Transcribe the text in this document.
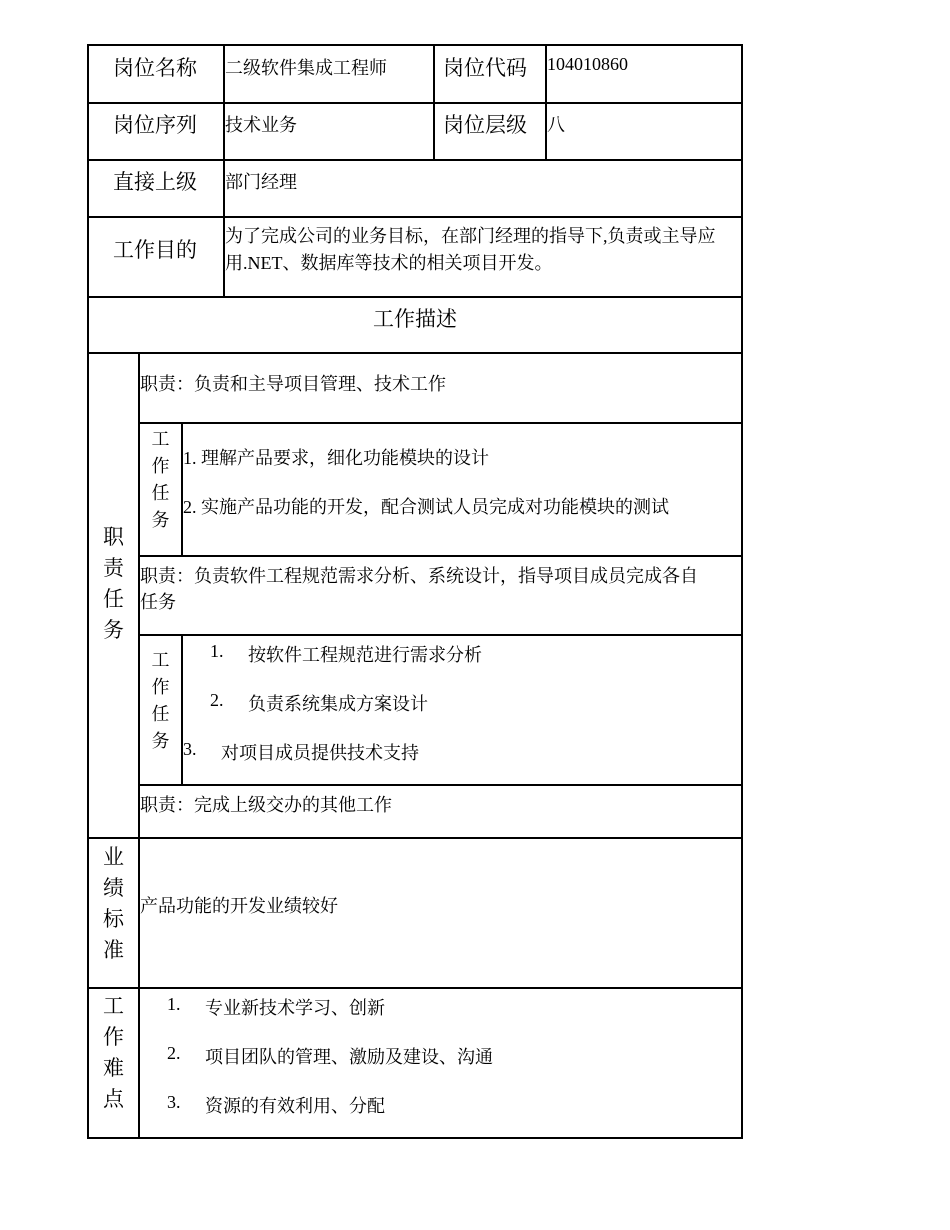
岗位名称 二级软件集成工程师	岗位代码 104010860
岗位序列 技术业务	岗位层级 八
直接上级 部门经理
工作目的
为了完成公司的业务目标，在部门经理的指导下,负责或主导应
用.NET、数据库等技术的相关项目开发。
工作描述
职
责
任
务
职责：负责和主导项目管理、技术工作
工
作
任
务
1. 理解产品要求，细化功能模块的设计
2. 实施产品功能的开发，配合测试人员完成对功能模块的测试
职责：负责软件工程规范需求分析、系统设计，指导项目成员完成各自
任务
工
作
任
务
1. 按软件工程规范进行需求分析
2. 负责系统集成方案设计
3. 对项目成员提供技术支持
职责：完成上级交办的其他工作
业
绩
标
准
产品功能的开发业绩较好
工
作
难
点
1. 专业新技术学习、创新
2. 项目团队的管理、激励及建设、沟通
3. 资源的有效利用、分配
